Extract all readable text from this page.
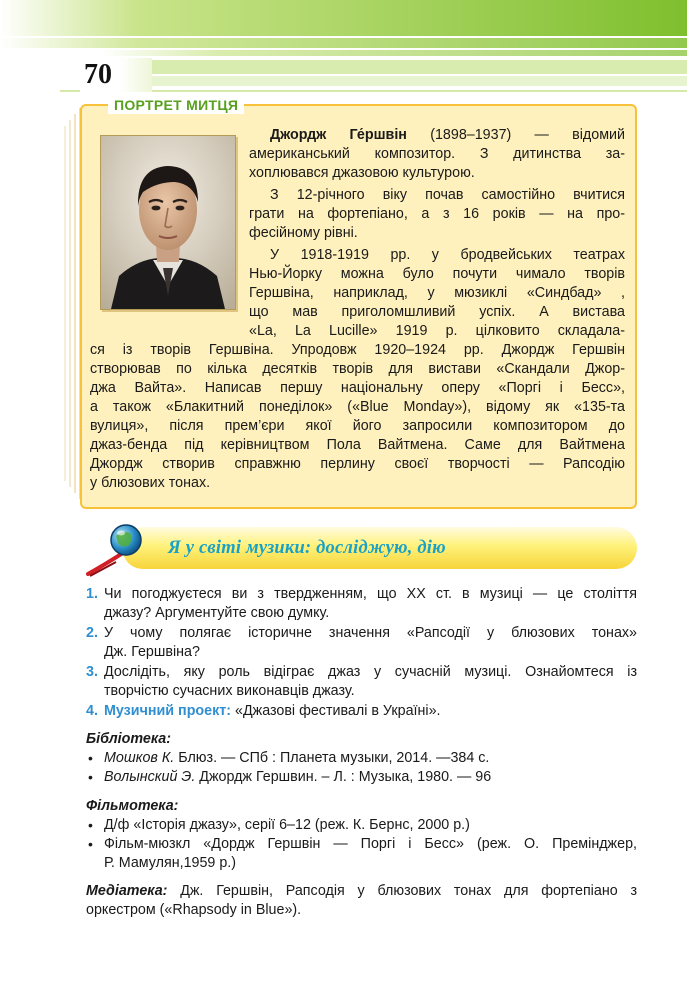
70
ПОРТРЕТ МИТЦЯ
Джордж Ге́ршвін (1898–1937) — відомий
американський композитор. З дитинства за-
хоплювався джазовою культурою.
З 12-річного віку почав самостійно вчитися
грати на фортепіано, а з 16 років — на про-
фесійному рівні.
У 1918-1919 рр. у бродвейських театрах
Нью-Йорку можна було почути чимало творів
Гершвіна, наприклад, у мюзиклі «Синдбад» ,
що мав приголомшливий успіх. А вистава
«La, La Lucille» 1919 р. цілковито складала-
ся із творів Гершвіна. Упродовж 1920–1924 рр. Джордж Гершвін
створював по кілька десятків творів для вистави «Скандали Джор-
джа Вайта». Написав першу національну оперу «Поргі і Бесс»,
а також «Блакитний понеділок» («Blue Monday»), відому як «135-та
вулиця», після прем’єри якої його запросили композитором до
джаз-бенда під керівництвом Пола Вайтмена. Саме для Вайтмена
Джордж створив справжню перлину своєї творчості — Рапсодію
у блюзових тонах.
Я у світі музики: досліджую, дію
1. Чи погоджуєтеся ви з твердженням, що XX ст. в музиці — це століття
джазу? Аргументуйте свою думку.
2. У чому полягає історичне значення «Рапсодії у блюзових тонах»
Дж. Гершвіна?
3. Дослідіть, яку роль відіграє джаз у сучасній музиці. Ознайомтеся із
творчістю сучасних виконавців джазу.
4. Музичний проект: «Джазові фестивалі в Україні».
Бібліотека:
• Мошков К. Блюз. — СПб : Планета музыки, 2014. —384 с.
• Волынский Э. Джордж Гершвин. – Л. : Музыка, 1980. — 96
Фільмотека:
• Д/ф «Історія джазу», серії 6–12 (реж. К. Бернс, 2000 р.)
• Фільм-мюзкл «Дордж Гершвін — Поргі і Бесс» (реж. О. Премінджер,
Р. Мамулян,1959 р.)
Медіатека: Дж. Гершвін, Рапсодія у блюзових тонах для фортепіано з
оркестром («Rhapsody in Blue»).
